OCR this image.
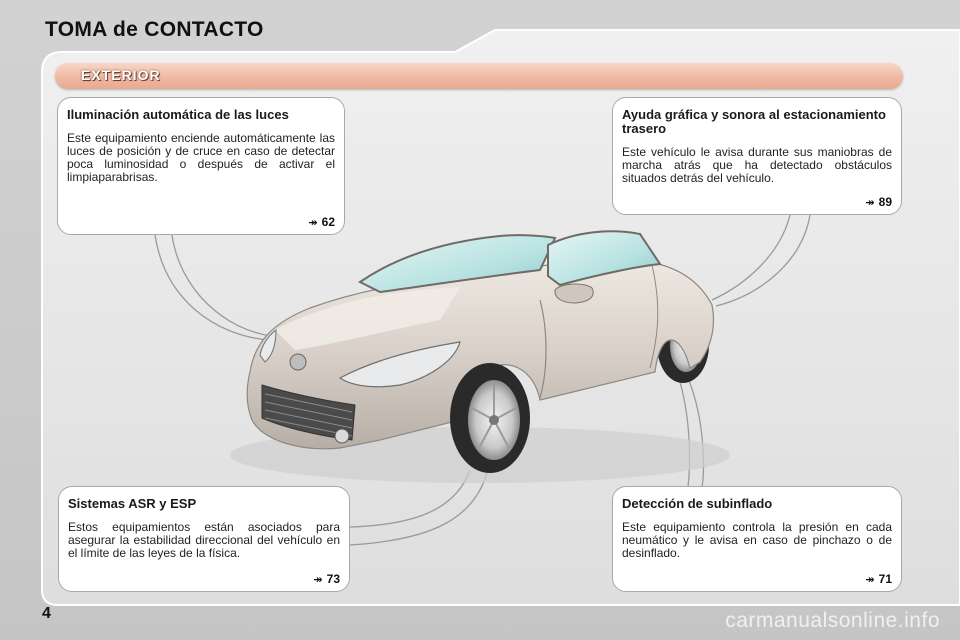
TOMA de CONTACTO
EXTERIOR
Iluminación automática de las luces

Este equipamiento enciende automáticamente las luces de posición y de cruce en caso de detectar poca luminosidad o después de activar el limpiaparabrisas.

↠ 62
Ayuda gráfica y sonora al estacionamiento trasero

Este vehículo le avisa durante sus maniobras de marcha atrás que ha detectado obstáculos situados detrás del vehículo.

↠ 89
Sistemas ASR y ESP

Estos equipamientos están asociados para asegurar la estabilidad direccional del vehículo en el límite de las leyes de la física.

↠ 73
Detección de subinflado

Este equipamiento controla la presión en cada neumático y le avisa en caso de pinchazo o de desinflado.

↠ 71
4	carmanualsonline.info
